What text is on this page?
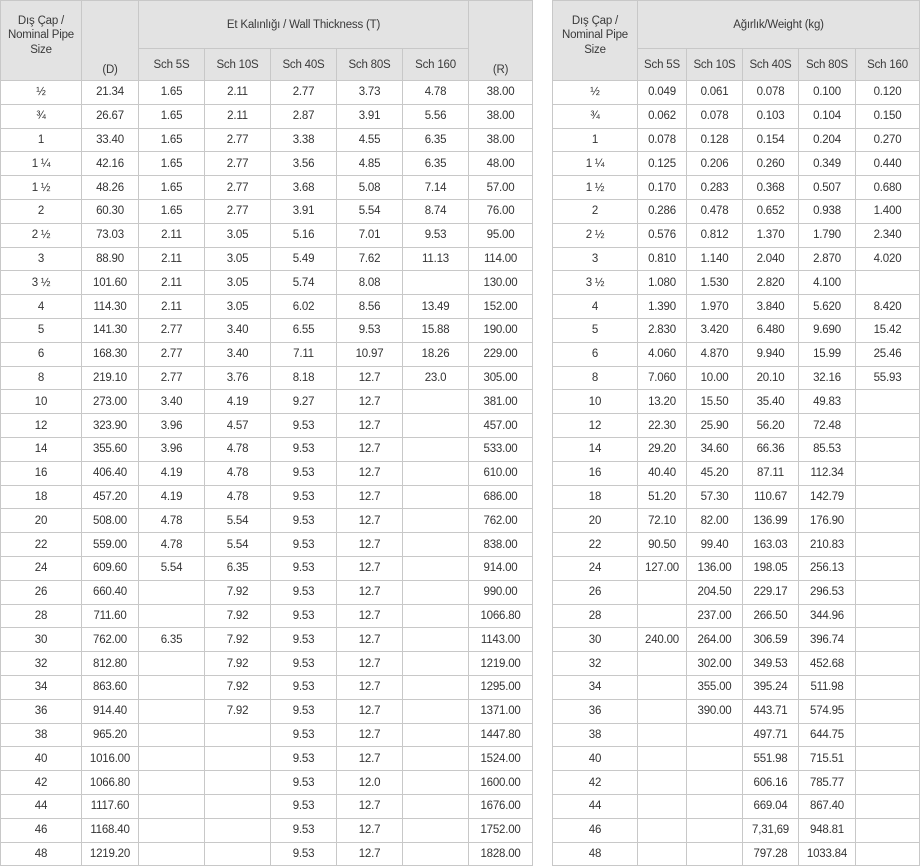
Dış Çap / Nominal Pipe Size	(D)	Et Kalınlığı / Wall Thickness (T)					(R)
		Sch 5S	Sch 10S	Sch 40S	Sch 80S	Sch 160	
½	21.34	1.65	2.11	2.77	3.73	4.78	38.00
¾	26.67	1.65	2.11	2.87	3.91	5.56	38.00
1	33.40	1.65	2.77	3.38	4.55	6.35	38.00
1 ¼	42.16	1.65	2.77	3.56	4.85	6.35	48.00
1 ½	48.26	1.65	2.77	3.68	5.08	7.14	57.00
2	60.30	1.65	2.77	3.91	5.54	8.74	76.00
2 ½	73.03	2.11	3.05	5.16	7.01	9.53	95.00
3	88.90	2.11	3.05	5.49	7.62	11.13	114.00
3 ½	101.60	2.11	3.05	5.74	8.08		130.00
4	114.30	2.11	3.05	6.02	8.56	13.49	152.00
5	141.30	2.77	3.40	6.55	9.53	15.88	190.00
6	168.30	2.77	3.40	7.11	10.97	18.26	229.00
8	219.10	2.77	3.76	8.18	12.7	23.0	305.00
10	273.00	3.40	4.19	9.27	12.7		381.00
12	323.90	3.96	4.57	9.53	12.7		457.00
14	355.60	3.96	4.78	9.53	12.7		533.00
16	406.40	4.19	4.78	9.53	12.7		610.00
18	457.20	4.19	4.78	9.53	12.7		686.00
20	508.00	4.78	5.54	9.53	12.7		762.00
22	559.00	4.78	5.54	9.53	12.7		838.00
24	609.60	5.54	6.35	9.53	12.7		914.00
26	660.40		7.92	9.53	12.7		990.00
28	711.60		7.92	9.53	12.7		1066.80
30	762.00	6.35	7.92	9.53	12.7		1143.00
32	812.80		7.92	9.53	12.7		1219.00
34	863.60		7.92	9.53	12.7		1295.00
36	914.40		7.92	9.53	12.7		1371.00
38	965.20			9.53	12.7		1447.80
40	1016.00			9.53	12.7		1524.00
42	1066.80			9.53	12.0		1600.00
44	1117.60			9.53	12.7		1676.00
46	1168.40			9.53	12.7		1752.00
48	1219.20			9.53	12.7		1828.00
Dış Çap / Nominal Pipe Size	Ağırlık/Weight (kg)				
	Sch 5S	Sch 10S	Sch 40S	Sch 80S	Sch 160
½	0.049	0.061	0.078	0.100	0.120
¾	0.062	0.078	0.103	0.104	0.150
1	0.078	0.128	0.154	0.204	0.270
1 ¼	0.125	0.206	0.260	0.349	0.440
1 ½	0.170	0.283	0.368	0.507	0.680
2	0.286	0.478	0.652	0.938	1.400
2 ½	0.576	0.812	1.370	1.790	2.340
3	0.810	1.140	2.040	2.870	4.020
3 ½	1.080	1.530	2.820	4.100	
4	1.390	1.970	3.840	5.620	8.420
5	2.830	3.420	6.480	9.690	15.42
6	4.060	4.870	9.940	15.99	25.46
8	7.060	10.00	20.10	32.16	55.93
10	13.20	15.50	35.40	49.83	
12	22.30	25.90	56.20	72.48	
14	29.20	34.60	66.36	85.53	
16	40.40	45.20	87.11	112.34	
18	51.20	57.30	110.67	142.79	
20	72.10	82.00	136.99	176.90	
22	90.50	99.40	163.03	210.83	
24	127.00	136.00	198.05	256.13	
26		204.50	229.17	296.53	
28		237.00	266.50	344.96	
30	240.00	264.00	306.59	396.74	
32		302.00	349.53	452.68	
34		355.00	395.24	511.98	
36		390.00	443.71	574.95	
38			497.71	644.75	
40			551.98	715.51	
42			606.16	785.77	
44			669.04	867.40	
46			7,31,69	948.81	
48			797.28	1033.84	
